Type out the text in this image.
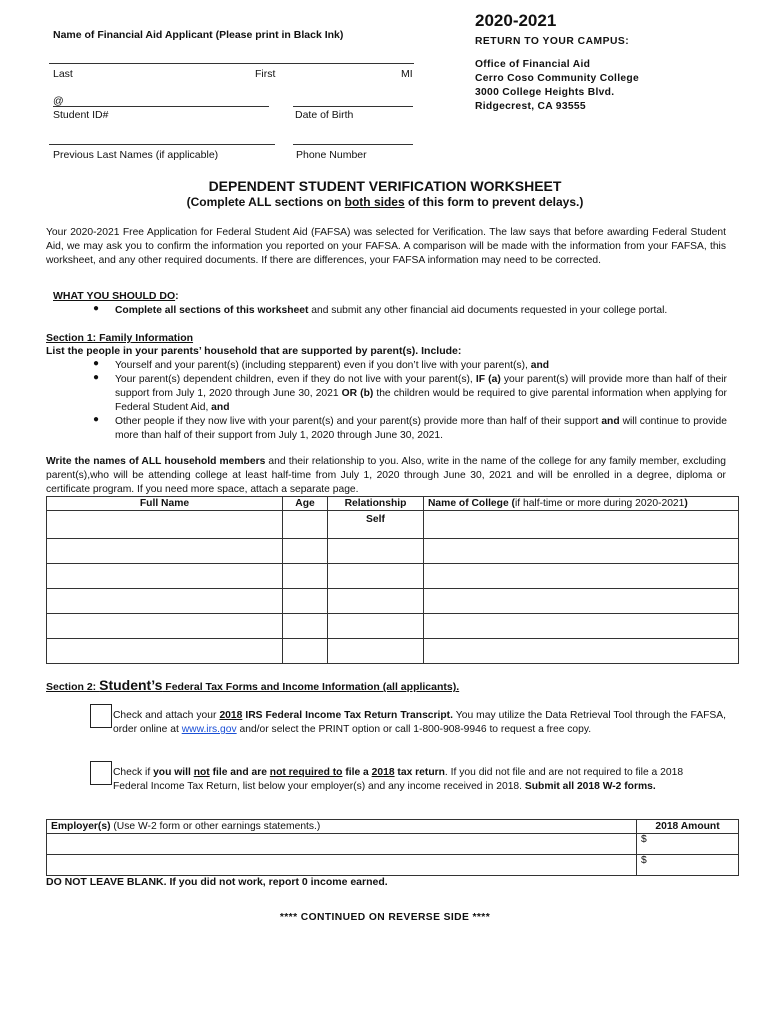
Name of Financial Aid Applicant (Please print in Black Ink)
2020-2021
RETURN TO YOUR CAMPUS:
Last	First	MI
@
Student ID#	Date of Birth
Previous Last Names (if applicable)	Phone Number
Office of Financial Aid
Cerro Coso Community College
3000 College Heights Blvd.
Ridgecrest, CA 93555
DEPENDENT STUDENT VERIFICATION WORKSHEET
(Complete ALL sections on both sides of this form to prevent delays.)
Your 2020-2021 Free Application for Federal Student Aid (FAFSA) was selected for Verification. The law says that before awarding Federal Student Aid, we may ask you to confirm the information you reported on your FAFSA. A comparison will be made with the information from your FAFSA, this worksheet, and any other required documents. If there are differences, your FAFSA information may need to be corrected.
WHAT YOU SHOULD DO:
● Complete all sections of this worksheet and submit any other financial aid documents requested in your college portal.
Section 1: Family Information
List the people in your parents’ household that are supported by parent(s). Include:
● Yourself and your parent(s) (including stepparent) even if you don’t live with your parent(s), and
● Your parent(s) dependent children, even if they do not live with your parent(s), IF (a) your parent(s) will provide more than half of their support from July 1, 2020 through June 30, 2021 OR (b) the children would be required to give parental information when applying for Federal Student Aid, and
● Other people if they now live with your parent(s) and your parent(s) provide more than half of their support and will continue to provide more than half of their support from July 1, 2020 through June 30, 2021.
Write the names of ALL household members and their relationship to you. Also, write in the name of the college for any family member, excluding parent(s),who will be attending college at least half-time from July 1, 2020 through June 30, 2021 and will be enrolled in a degree, diploma or certificate program. If you need more space, attach a separate page.
Full Name	Age	Relationship	Name of College (if half-time or more during 2020-2021)
		Self	

Section 2: Student’s Federal Tax Forms and Income Information (all applicants).
Check and attach your 2018 IRS Federal Income Tax Return Transcript. You may utilize the Data Retrieval Tool through the FAFSA, order online at www.irs.gov and/or select the PRINT option or call 1-800-908-9946 to request a free copy.
Check if you will not file and are not required to file a 2018 tax return. If you did not file and are not required to file a 2018 Federal Income Tax Return, list below your employer(s) and any income received in 2018. Submit all 2018 W-2 forms.
Employer(s) (Use W-2 form or other earnings statements.)	2018 Amount
	$
	$
DO NOT LEAVE BLANK. If you did not work, report 0 income earned.
**** CONTINUED ON REVERSE SIDE ****
